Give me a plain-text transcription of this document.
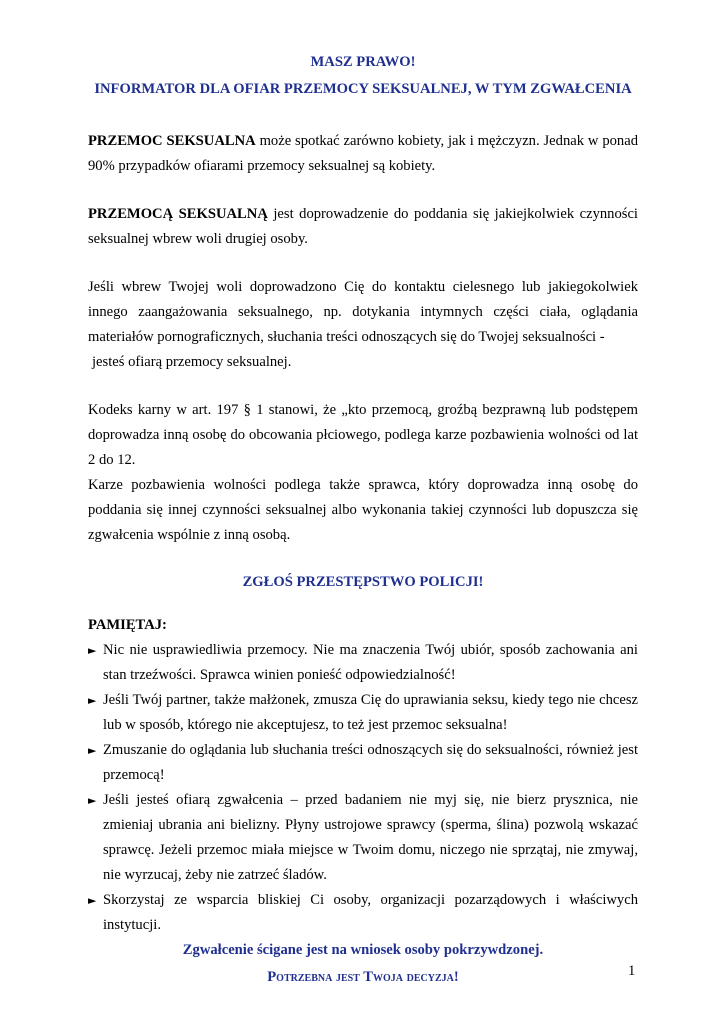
MASZ PRAWO!

INFORMATOR DLA OFIAR PRZEMOCY SEKSUALNEJ, W TYM ZGWAŁCENIA

PRZEMOC SEKSUALNA może spotkać zarówno kobiety, jak i mężczyzn. Jednak w ponad 90% przypadków ofiarami przemocy seksualnej są kobiety.

PRZEMOCĄ SEKSUALNĄ jest doprowadzenie do poddania się jakiejkolwiek czynności seksualnej wbrew woli drugiej osoby.

Jeśli wbrew Twojej woli doprowadzono Cię do kontaktu cielesnego lub jakiegokolwiek innego zaangażowania seksualnego, np. dotykania intymnych części ciała, oglądania materiałów pornograficznych, słuchania treści odnoszących się do Twojej seksualności -
jesteś ofiarą przemocy seksualnej.

Kodeks karny w art. 197 § 1 stanowi, że „kto przemocą, groźbą bezprawną lub podstępem doprowadza inną osobę do obcowania płciowego, podlega karze pozbawienia wolności od lat 2 do 12.

Karze pozbawienia wolności podlega także sprawca, który doprowadza inną osobę do poddania się innej czynności seksualnej albo wykonania takiej czynności lub dopuszcza się zgwałcenia wspólnie z inną osobą.

ZGŁOŚ PRZESTĘPSTWO POLICJI!

PAMIĘTAJ:

► Nic nie usprawiedliwia przemocy. Nie ma znaczenia Twój ubiór, sposób zachowania ani stan trzeźwości. Sprawca winien ponieść odpowiedzialność!
► Jeśli Twój partner, także małżonek, zmusza Cię do uprawiania seksu, kiedy tego nie chcesz lub w sposób, którego nie akceptujesz, to też jest przemoc seksualna!
► Zmuszanie do oglądania lub słuchania treści odnoszących się do seksualności, również jest przemocą!
► Jeśli jesteś ofiarą zgwałcenia – przed badaniem nie myj się, nie bierz prysznica, nie zmieniaj ubrania ani bielizny. Płyny ustrojowe sprawcy (sperma, ślina) pozwolą wskazać sprawcę. Jeżeli przemoc miała miejsce w Twoim domu, niczego nie sprzątaj, nie zmywaj, nie wyrzucaj, żeby nie zatrzeć śladów.
► Skorzystaj ze wsparcia bliskiej Ci osoby, organizacji pozarządowych i właściwych instytucji.

Zgwałcenie ścigane jest na wniosek osoby pokrzywdzonej.

Potrzebna jest Twoja decyzja!	1
